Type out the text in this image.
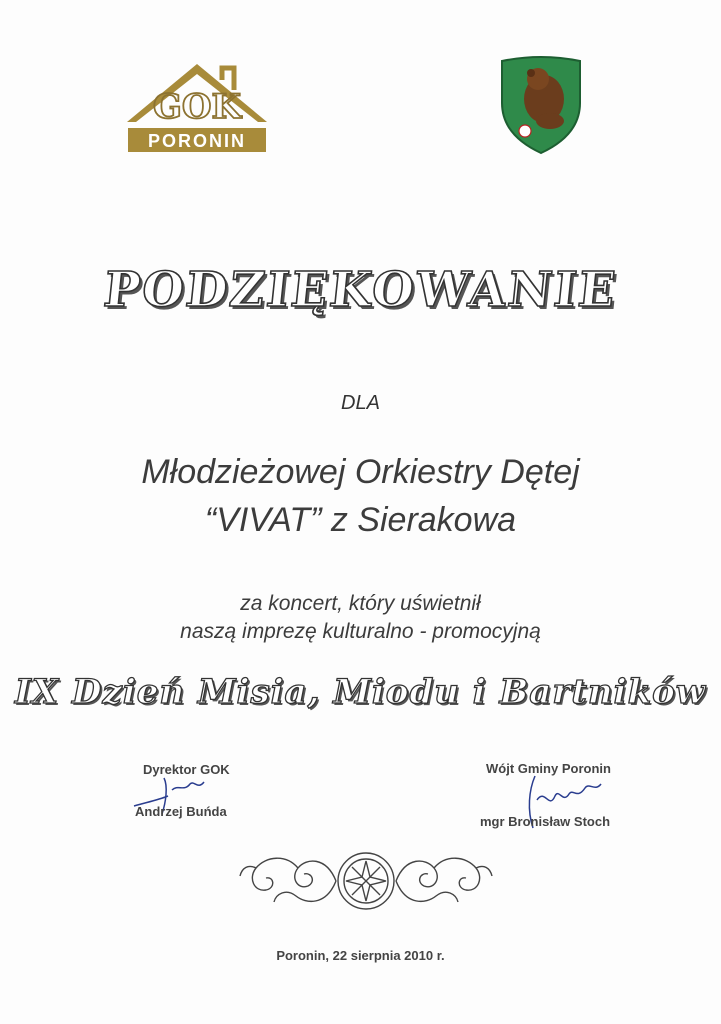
GOK
PORONIN
PODZIĘKOWANIE
DLA
Młodzieżowej Orkiestry Dętej
“VIVAT” z Sierakowa
za koncert, który uświetnił
naszą imprezę kulturalno - promocyjną
IX Dzień Misia, Miodu i Bartników
Dyrektor GOK
Andrzej Buńda
Wójt Gminy Poronin
mgr Bronisław Stoch
Poronin, 22 sierpnia 2010 r.
